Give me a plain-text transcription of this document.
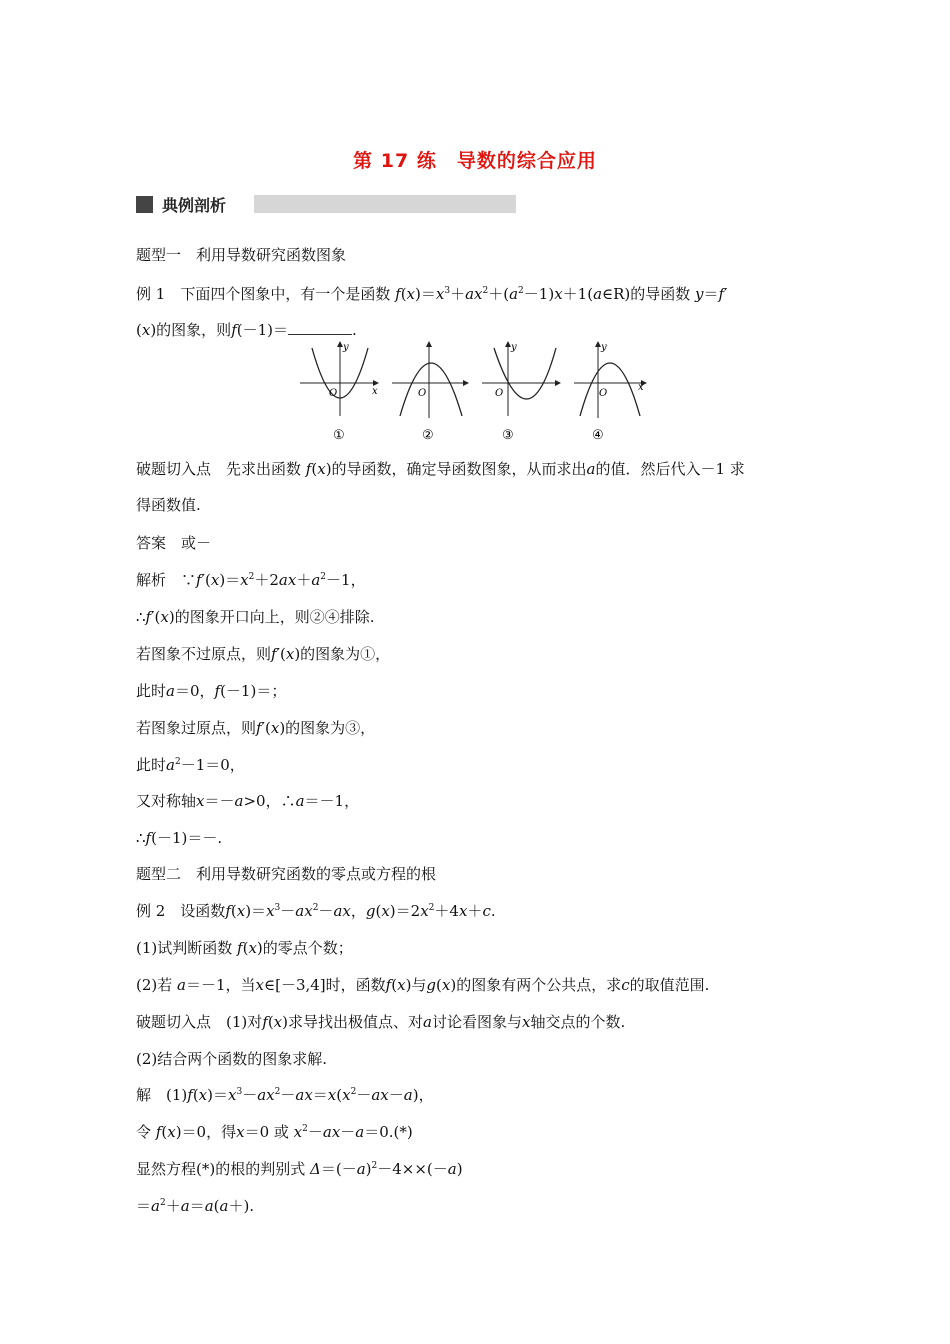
第 17 练　导数的综合应用
典例剖析
题型一　利用导数研究函数图象
例 1　 下面四个图象中，有一个是函数 $f(x)=x^3+ax^2+(a^2-1)x+1(a\in R)$的导函数 y＝f′
(x)的图象，则f(－1)＝	.
x
y
O
①
O
②
y
O
③
x
y
O
④
破题切入点　先求出函数 f(x)的导函数，确定导函数图象，从而求出a的值．然后代入－1 求
得函数值.
答案　或－
解析　$\because f'(x)=x^2+2ax+a^2-1$，
∴f′(x)的图象开口向上，则②④排除.
若图象不过原点，则f′(x)的图象为①，
此时a＝0，f(－1)＝；
若图象过原点，则f′(x)的图象为③，
此时$a^2-1=0$，
又对称轴x＝－a>0，∴a＝－1，
∴f(－1)＝－.
题型二　利用导数研究函数的零点或方程的根
例 2　设函数$f(x)=x^3-ax^2-ax$，$g(x)=2x^2+4x+c$.
(1)试判断函数 f(x)的零点个数；
(2)若 a＝－1，当x∈[－3,4]时，函数f(x)与g(x)的图象有两个公共点，求c的取值范围.
破题切入点　(1)对f(x)求导找出极值点、对a讨论看图象与x轴交点的个数.
(2)结合两个函数的图象求解.
解　$(1)f(x)=x^3-ax^2-ax=x(x^2-ax-a)$，
令 f(x)＝0，得x＝0 或 $x^2-ax-a=0.(*)$
显然方程(*)的根的判别式 $\Delta=(-a)^2-4\times\times(-a)$
$=a^2+a=a(a+)$.
